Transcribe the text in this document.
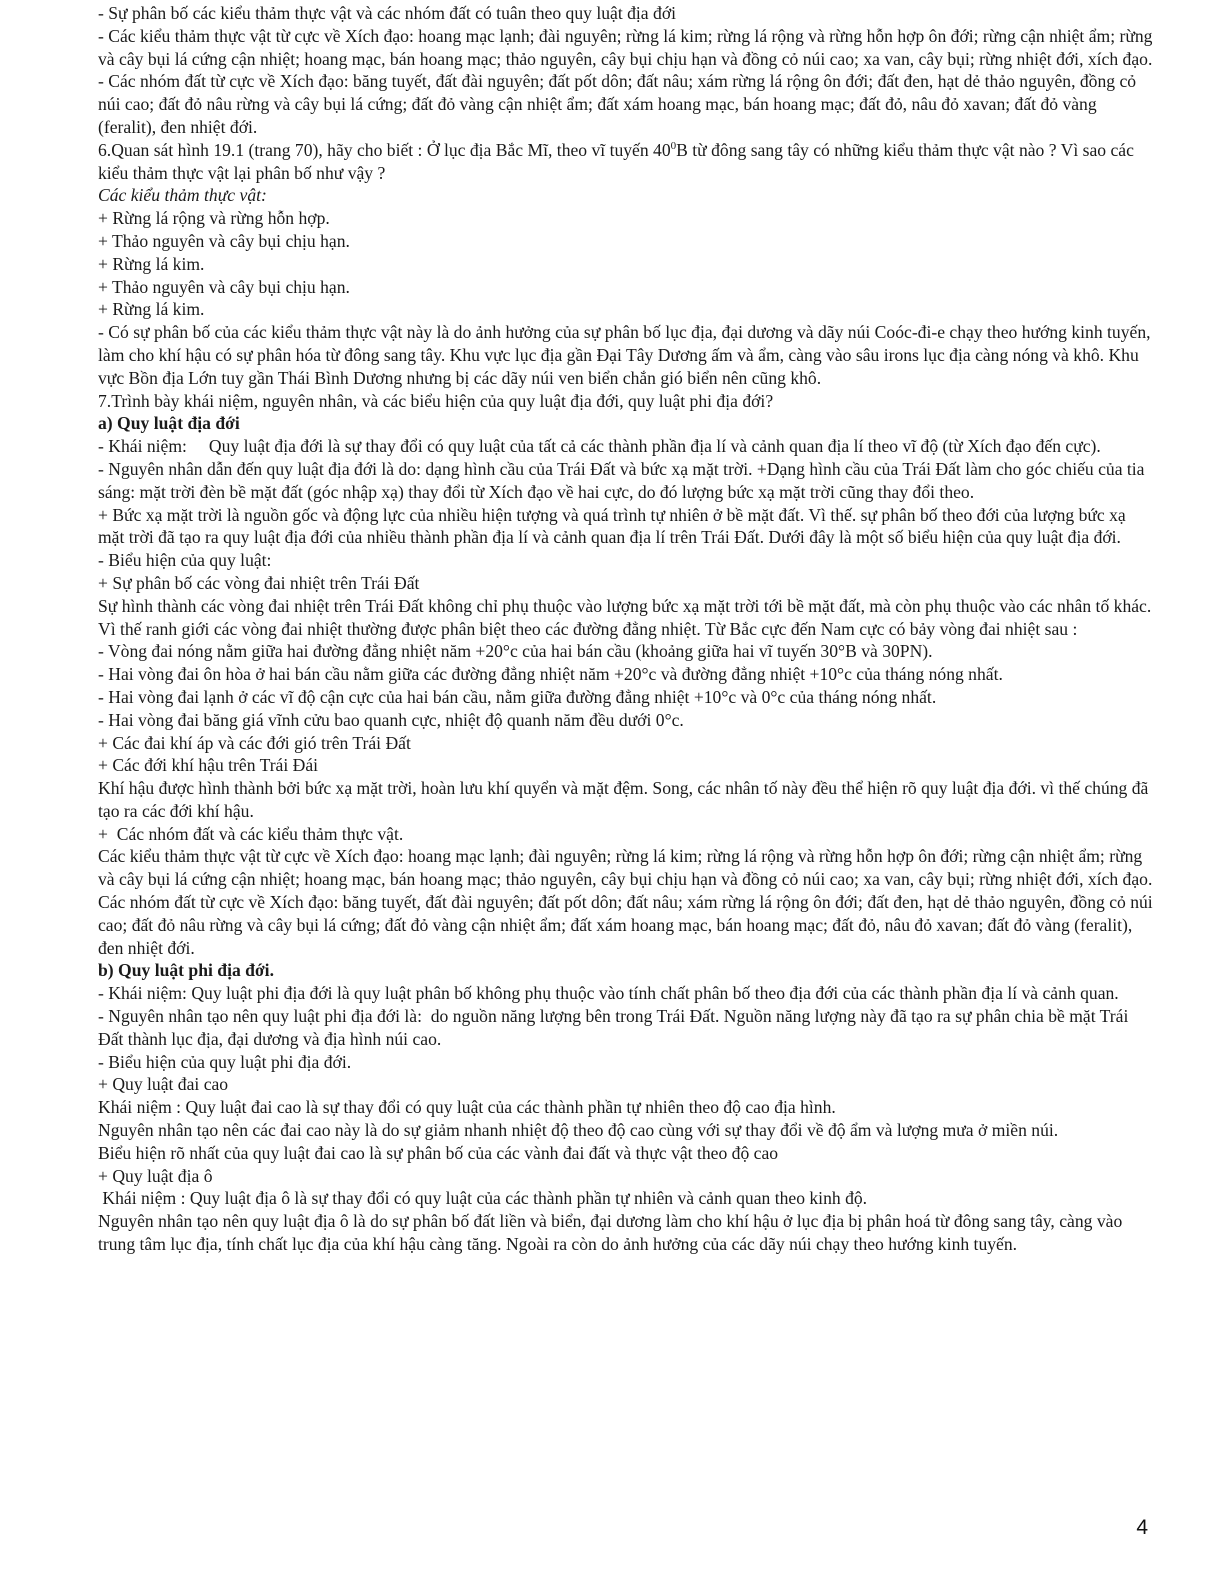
- Sự phân bố các kiểu thảm thực vật và các nhóm đất có tuân theo quy luật địa đới

- Các kiểu thảm thực vật từ cực về Xích đạo: hoang mạc lạnh; đài nguyên; rừng lá kim; rừng lá rộng và rừng hỗn hợp ôn đới; rừng cận nhiệt ẩm; rừng và cây bụi lá cứng cận nhiệt; hoang mạc, bán hoang mạc; thảo nguyên, cây bụi chịu hạn và đồng cỏ núi cao; xa van, cây bụi; rừng nhiệt đới, xích đạo.

- Các nhóm đất từ cực về Xích đạo: băng tuyết, đất đài nguyên; đất pốt dôn; đất nâu; xám rừng lá rộng ôn đới; đất đen, hạt dẻ thảo nguyên, đồng cỏ núi cao; đất đỏ nâu rừng và cây bụi lá cứng; đất đỏ vàng cận nhiệt ẩm; đất xám hoang mạc, bán hoang mạc; đất đỏ, nâu đỏ xavan; đất đỏ vàng (feralit), đen nhiệt đới.

6.Quan sát hình 19.1 (trang 70), hãy cho biết : Ở lục địa Bắc Mĩ, theo vĩ tuyến $40^0B$ từ đông sang tây có những kiểu thảm thực vật nào ? Vì sao các kiểu thảm thực vật lại phân bố như vậy ?

Các kiểu thảm thực vật:

+ Rừng lá rộng và rừng hỗn hợp.

+ Thảo nguyên và cây bụi chịu hạn.

+ Rừng lá kim.

+ Thảo nguyên và cây bụi chịu hạn.

+ Rừng lá kim.

- Có sự phân bố của các kiểu thảm thực vật này là do ảnh hưởng của sự phân bố lục địa, đại dương và dãy núi Coóc-đi-e chạy theo hướng kinh tuyến, làm cho khí hậu có sự phân hóa từ đông sang tây. Khu vực lục địa gần Đại Tây Dương ấm và ẩm, càng vào sâu irons lục địa càng nóng và khô. Khu vực Bồn địa Lớn tuy gần Thái Bình Dương nhưng bị các dãy núi ven biển chắn gió biển nên cũng khô.

7.Trình bày khái niệm, nguyên nhân, và các biểu hiện của quy luật địa đới, quy luật phi địa đới?

a) Quy luật địa đới

- Khái niệm:     Quy luật địa đới là sự thay đổi có quy luật của tất cả các thành phần địa lí và cảnh quan địa lí theo vĩ độ (từ Xích đạo đến cực).

- Nguyên nhân dẫn đến quy luật địa đới là do: dạng hình cầu của Trái Đất và bức xạ mặt trời. +Dạng hình cầu của Trái Đất làm cho góc chiếu của tia sáng: mặt trời đèn bề mặt đất (góc nhập xạ) thay đổi từ Xích đạo về hai cực, do đó lượng bức xạ mặt trời cũng thay đổi theo.

+ Bức xạ mặt trời là nguồn gốc và động lực của nhiều hiện tượng và quá trình tự nhiên ở bề mặt đất. Vì thế. sự phân bố theo đới của lượng bức xạ mặt trời đã tạo ra quy luật địa đới của nhiều thành phần địa lí và cảnh quan địa lí trên Trái Đất. Dưới đây là một số biểu hiện của quy luật địa đới.

- Biểu hiện của quy luật:

+ Sự phân bố các vòng đai nhiệt trên Trái Đất

Sự hình thành các vòng đai nhiệt trên Trái Đất không chỉ phụ thuộc vào lượng bức xạ mặt trời tới bề mặt đất, mà còn phụ thuộc vào các nhân tố khác. Vì thế ranh giới các vòng đai nhiệt thường được phân biệt theo các đường đẳng nhiệt. Từ Bắc cực đến Nam cực có bảy vòng đai nhiệt sau :

- Vòng đai nóng nằm giữa hai đường đẳng nhiệt năm +20°c của hai bán cầu (khoảng giữa hai vĩ tuyến 30°B và 30PN).

- Hai vòng đai ôn hòa ở hai bán cầu nằm giữa các đường đẳng nhiệt năm +20°c và đường đẳng nhiệt +10°c của tháng nóng nhất.

- Hai vòng đai lạnh ở các vĩ độ cận cực của hai bán cầu, nằm giữa đường đẳng nhiệt +10°c và 0°c của tháng nóng nhất.

- Hai vòng đai băng giá vĩnh cửu bao quanh cực, nhiệt độ quanh năm đều dưới 0°c.

+ Các đai khí áp và các đới gió trên Trái Đất

+ Các đới khí hậu trên Trái Đái

Khí hậu được hình thành bởi bức xạ mặt trời, hoàn lưu khí quyển và mặt đệm. Song, các nhân tố này đều thể hiện rõ quy luật địa đới. vì thế chúng đã tạo ra các đới khí hậu.

+  Các nhóm đất và các kiểu thảm thực vật.

Các kiểu thảm thực vật từ cực về Xích đạo: hoang mạc lạnh; đài nguyên; rừng lá kim; rừng lá rộng và rừng hỗn hợp ôn đới; rừng cận nhiệt ẩm; rừng và cây bụi lá cứng cận nhiệt; hoang mạc, bán hoang mạc; thảo nguyên, cây bụi chịu hạn và đồng cỏ núi cao; xa van, cây bụi; rừng nhiệt đới, xích đạo.

Các nhóm đất từ cực về Xích đạo: băng tuyết, đất đài nguyên; đất pốt dôn; đất nâu; xám rừng lá rộng ôn đới; đất đen, hạt dẻ thảo nguyên, đồng cỏ núi cao; đất đỏ nâu rừng và cây bụi lá cứng; đất đỏ vàng cận nhiệt ẩm; đất xám hoang mạc, bán hoang mạc; đất đỏ, nâu đỏ xavan; đất đỏ vàng (feralit), đen nhiệt đới.

b) Quy luật phi địa đới.

- Khái niệm: Quy luật phi địa đới là quy luật phân bố không phụ thuộc vào tính chất phân bố theo địa đới của các thành phần địa lí và cảnh quan.

- Nguyên nhân tạo nên quy luật phi địa đới là:  do nguồn năng lượng bên trong Trái Đất. Nguồn năng lượng này đã tạo ra sự phân chia bề mặt Trái Đất thành lục địa, đại dương và địa hình núi cao.

- Biểu hiện của quy luật phi địa đới.

+ Quy luật đai cao

Khái niệm : Quy luật đai cao là sự thay đổi có quy luật của các thành phần tự nhiên theo độ cao địa hình.

Nguyên nhân tạo nên các đai cao này là do sự giảm nhanh nhiệt độ theo độ cao cùng với sự thay đổi về độ ẩm và lượng mưa ở miền núi.

Biểu hiện rõ nhất của quy luật đai cao là sự phân bố của các vành đai đất và thực vật theo độ cao

+ Quy luật địa ô

Khái niệm : Quy luật địa ô là sự thay đổi có quy luật của các thành phần tự nhiên và cảnh quan theo kinh độ.

Nguyên nhân tạo nên quy luật địa ô là do sự phân bố đất liền và biển, đại dương làm cho khí hậu ở lục địa bị phân hoá từ đông sang tây, càng vào trung tâm lục địa, tính chất lục địa của khí hậu càng tăng. Ngoài ra còn do ảnh hưởng của các dãy núi chạy theo hướng kinh tuyến.

4
